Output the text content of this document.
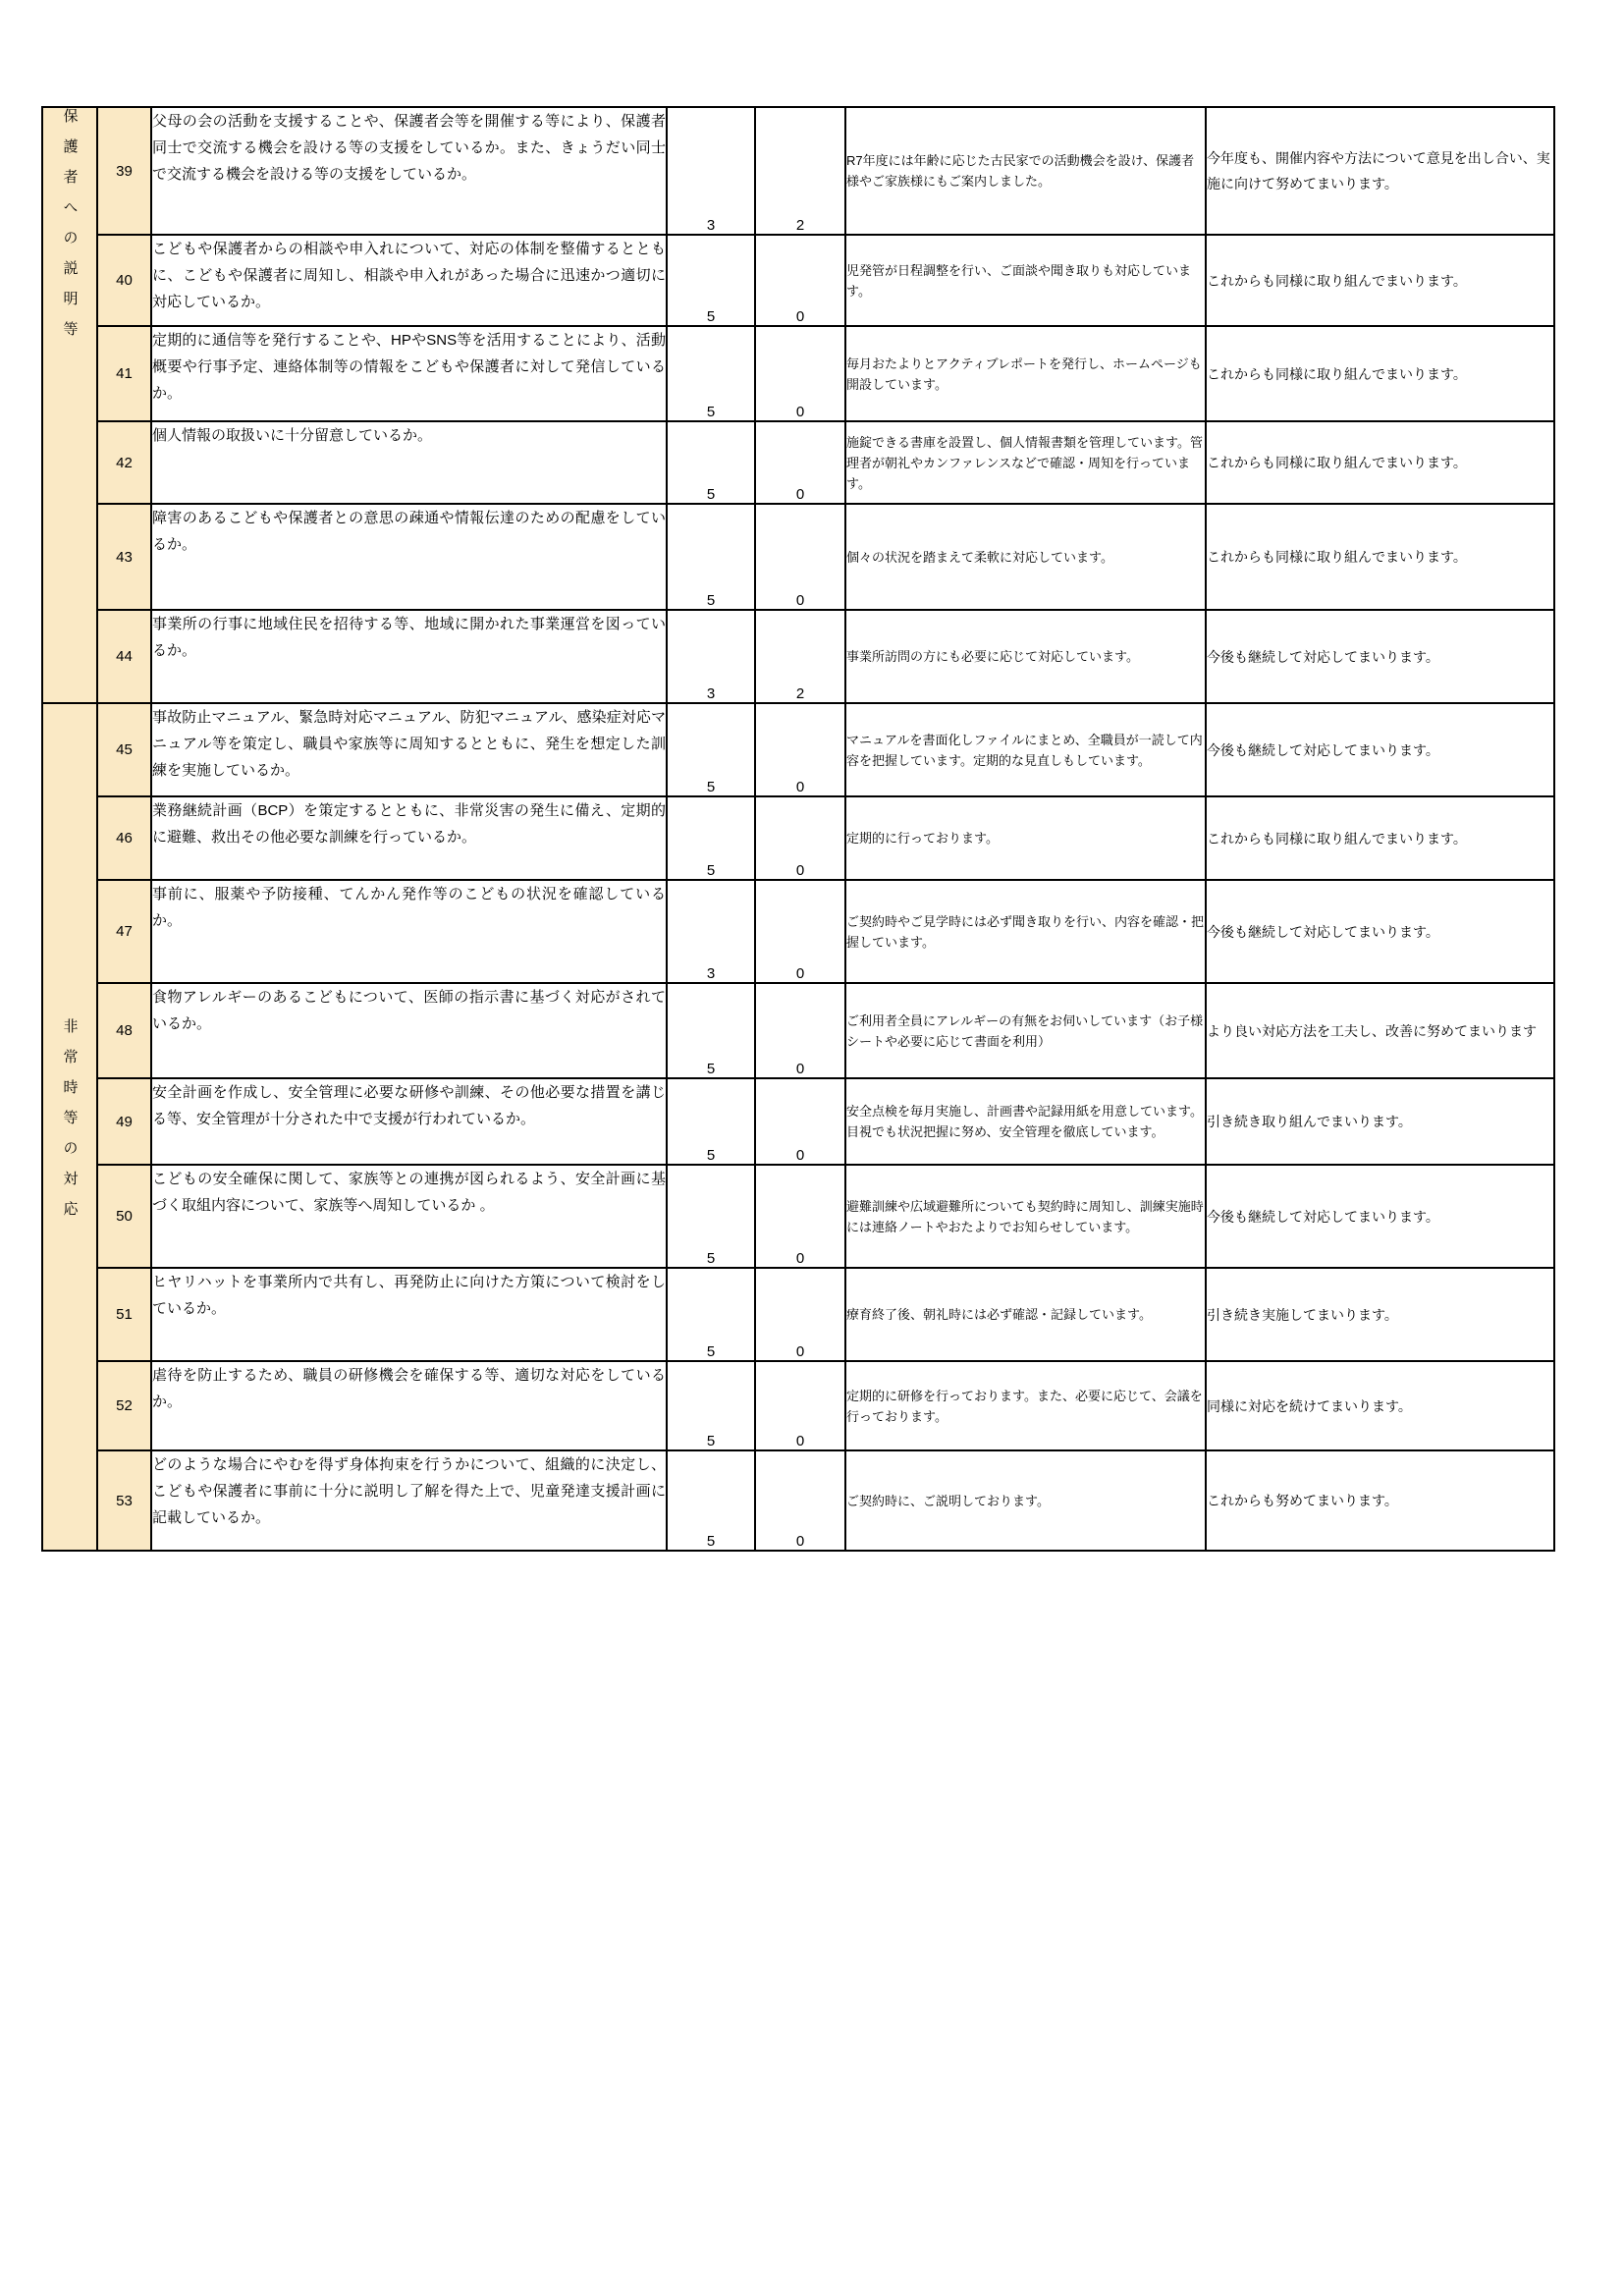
保護者への説明等	39	父母の会の活動を支援することや、保護者会等を開催する等により、保護者同士で交流する機会を設ける等の支援をしているか。また、きょうだい同士で交流する機会を設ける等の支援をしているか。	3	2	R7年度には年齢に応じた古民家での活動機会を設け、保護者様やご家族様にもご案内しました。	今年度も、開催内容や方法について意見を出し合い、実施に向けて努めてまいります。
	40	こどもや保護者からの相談や申入れについて、対応の体制を整備するとともに、こどもや保護者に周知し、相談や申入れがあった場合に迅速かつ適切に対応しているか。	5	0	児発管が日程調整を行い、ご面談や聞き取りも対応しています。	これからも同様に取り組んでまいります。
	41	定期的に通信等を発行することや、HPやSNS等を活用することにより、活動概要や行事予定、連絡体制等の情報をこどもや保護者に対して発信しているか。	5	0	毎月おたよりとアクティブレポートを発行し、ホームページも開設しています。	これからも同様に取り組んでまいります。
	42	個人情報の取扱いに十分留意しているか。	5	0	施錠できる書庫を設置し、個人情報書類を管理しています。管理者が朝礼やカンファレンスなどで確認・周知を行っています。	これからも同様に取り組んでまいります。
	43	障害のあるこどもや保護者との意思の疎通や情報伝達のための配慮をしているか。	5	0	個々の状況を踏まえて柔軟に対応しています。	これからも同様に取り組んでまいります。
	44	事業所の行事に地域住民を招待する等、地域に開かれた事業運営を図っているか。	3	2	事業所訪問の方にも必要に応じて対応しています。	今後も継続して対応してまいります。
非常時等の対応	45	事故防止マニュアル、緊急時対応マニュアル、防犯マニュアル、感染症対応マニュアル等を策定し、職員や家族等に周知するとともに、発生を想定した訓練を実施しているか。	5	0	マニュアルを書面化しファイルにまとめ、全職員が一読して内容を把握しています。定期的な見直しもしています。	今後も継続して対応してまいります。
	46	業務継続計画（BCP）を策定するとともに、非常災害の発生に備え、定期的に避難、救出その他必要な訓練を行っているか。	5	0	定期的に行っております。	これからも同様に取り組んでまいります。
	47	事前に、服薬や予防接種、てんかん発作等のこどもの状況を確認しているか。	3	0	ご契約時やご見学時には必ず聞き取りを行い、内容を確認・把握しています。	今後も継続して対応してまいります。
	48	食物アレルギーのあるこどもについて、医師の指示書に基づく対応がされているか。	5	0	ご利用者全員にアレルギーの有無をお伺いしています（お子様シートや必要に応じて書面を利用）	より良い対応方法を工夫し、改善に努めてまいります
	49	安全計画を作成し、安全管理に必要な研修や訓練、その他必要な措置を講じる等、安全管理が十分された中で支援が行われているか。	5	0	安全点検を毎月実施し、計画書や記録用紙を用意しています。目視でも状況把握に努め、安全管理を徹底しています。	引き続き取り組んでまいります。
	50	こどもの安全確保に関して、家族等との連携が図られるよう、安全計画に基づく取組内容について、家族等へ周知しているか 。	5	0	避難訓練や広域避難所についても契約時に周知し、訓練実施時には連絡ノートやおたよりでお知らせしています。	今後も継続して対応してまいります。
	51	ヒヤリハットを事業所内で共有し、再発防止に向けた方策について検討をしているか。	5	0	療育終了後、朝礼時には必ず確認・記録しています。	引き続き実施してまいります。
	52	虐待を防止するため、職員の研修機会を確保する等、適切な対応をしているか。	5	0	定期的に研修を行っております。また、必要に応じて、会議を行っております。	同様に対応を続けてまいります。
	53	どのような場合にやむを得ず身体拘束を行うかについて、組織的に決定し、こどもや保護者に事前に十分に説明し了解を得た上で、児童発達支援計画に記載しているか。	5	0	ご契約時に、ご説明しております。	これからも努めてまいります。
